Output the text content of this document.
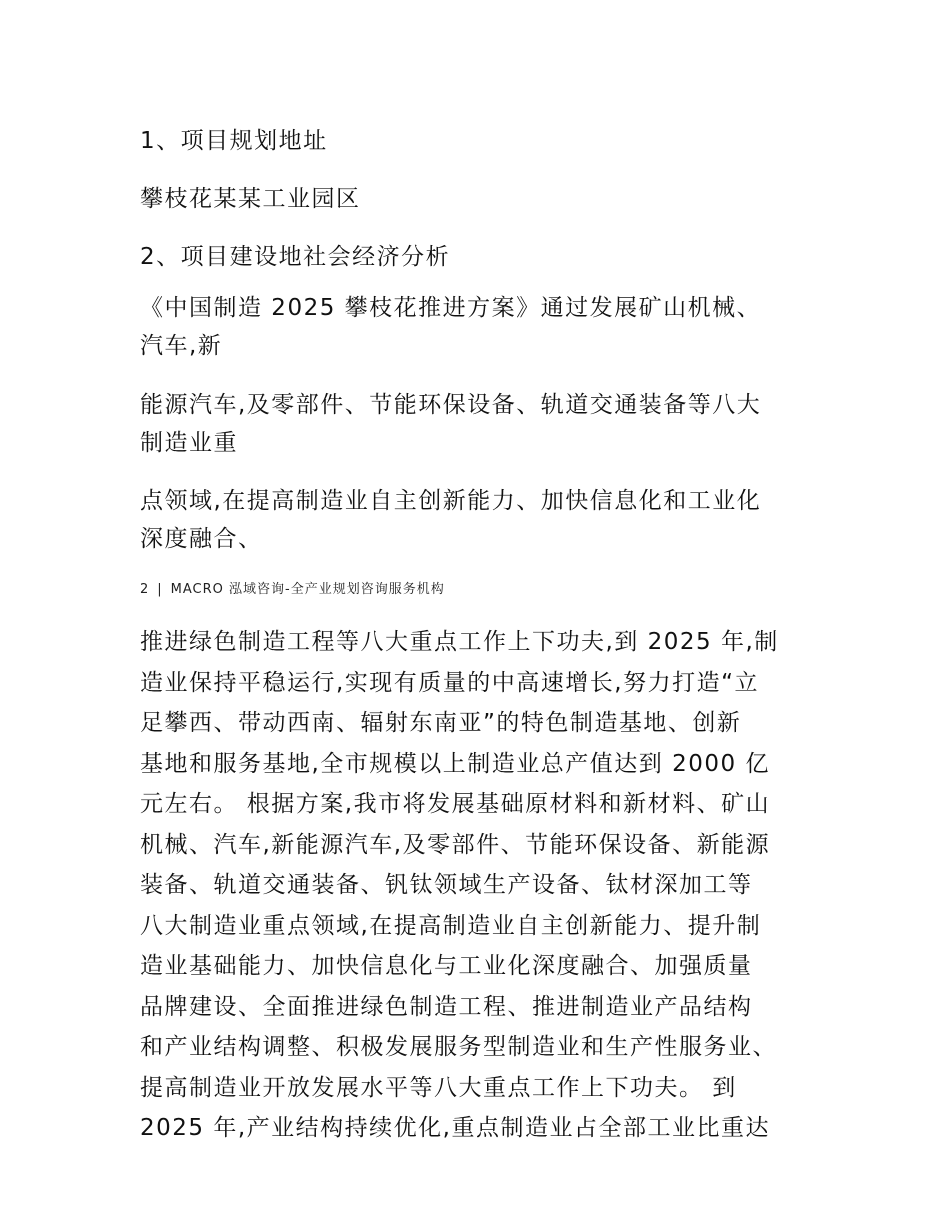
1、项目规划地址

攀枝花某某工业园区

2、项目建设地社会经济分析

《中国制造 2025 攀枝花推进方案》通过发展矿山机械、
汽车,新
能源汽车,及零部件、节能环保设备、轨道交通装备等八大
制造业重
点领域,在提高制造业自主创新能力、加快信息化和工业化
深度融合、
2 | MACRO 泓域咨询-全产业规划咨询服务机构
推进绿色制造工程等八大重点工作上下功夫,到 2025 年,制
造业保持平稳运行,实现有质量的中高速增长,努力打造“立
足攀西、带动西南、辐射东南亚”的特色制造基地、创新
基地和服务基地,全市规模以上制造业总产值达到 2000 亿
元左右。 根据方案,我市将发展基础原材料和新材料、矿山
机械、汽车,新能源汽车,及零部件、节能环保设备、新能源
装备、轨道交通装备、钒钛领域生产设备、钛材深加工等
八大制造业重点领域,在提高制造业自主创新能力、提升制
造业基础能力、加快信息化与工业化深度融合、加强质量
品牌建设、全面推进绿色制造工程、推进制造业产品结构
和产业结构调整、积极发展服务型制造业和生产性服务业、
提高制造业开放发展水平等八大重点工作上下功夫。 到
2025 年,产业结构持续优化,重点制造业占全部工业比重达
